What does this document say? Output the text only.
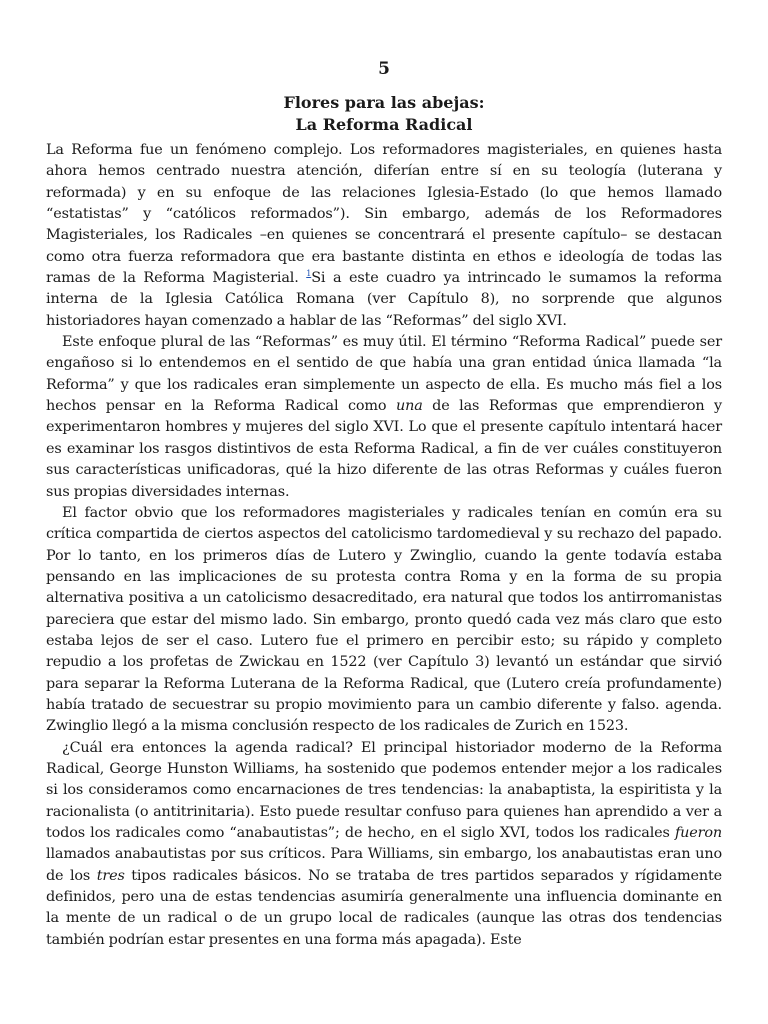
5
Flores para las abejas:
La Reforma Radical

La Reforma fue un fenómeno complejo. Los reformadores magisteriales, en quienes hasta ahora hemos centrado nuestra atención, diferían entre sí en su teología (luterana y reformada) y en su enfoque de las relaciones Iglesia-Estado (lo que hemos llamado “estatistas” y “católicos reformados”). Sin embargo, además de los Reformadores Magisteriales, los Radicales –en quienes se concentrará el presente capítulo– se destacan como otra fuerza reformadora que era bastante distinta en ethos e ideología de todas las ramas de la Reforma Magisterial. $^1$Si a este cuadro ya intrincado le sumamos la reforma interna de la Iglesia Católica Romana (ver Capítulo 8), no sorprende que algunos historiadores hayan comenzado a hablar de las “Reformas” del siglo XVI.

Este enfoque plural de las “Reformas” es muy útil. El término “Reforma Radical” puede ser engañoso si lo entendemos en el sentido de que había una gran entidad única llamada “la Reforma” y que los radicales eran simplemente un aspecto de ella. Es mucho más fiel a los hechos pensar en la Reforma Radical como una de las Reformas que emprendieron y experimentaron hombres y mujeres del siglo XVI. Lo que el presente capítulo intentará hacer es examinar los rasgos distintivos de esta Reforma Radical, a fin de ver cuáles constituyeron sus características unificadoras, qué la hizo diferente de las otras Reformas y cuáles fueron sus propias diversidades internas.

El factor obvio que los reformadores magisteriales y radicales tenían en común era su crítica compartida de ciertos aspectos del catolicismo tardomedieval y su rechazo del papado. Por lo tanto, en los primeros días de Lutero y Zwinglio, cuando la gente todavía estaba pensando en las implicaciones de su protesta contra Roma y en la forma de su propia alternativa positiva a un catolicismo desacreditado, era natural que todos los antirromanistas pareciera que estar del mismo lado. Sin embargo, pronto quedó cada vez más claro que esto estaba lejos de ser el caso. Lutero fue el primero en percibir esto; su rápido y completo repudio a los profetas de Zwickau en 1522 (ver Capítulo 3) levantó un estándar que sirvió para separar la Reforma Luterana de la Reforma Radical, que (Lutero creía profundamente) había tratado de secuestrar su propio movimiento para un cambio diferente y falso. agenda. Zwinglio llegó a la misma conclusión respecto de los radicales de Zurich en 1523.

¿Cuál era entonces la agenda radical? El principal historiador moderno de la Reforma Radical, George Hunston Williams, ha sostenido que podemos entender mejor a los radicales si los consideramos como encarnaciones de tres tendencias: la anabaptista, la espiritista y la racionalista (o antitrinitaria). Esto puede resultar confuso para quienes han aprendido a ver a todos los radicales como “anabautistas”; de hecho, en el siglo XVI, todos los radicales fueron llamados anabautistas por sus críticos. Para Williams, sin embargo, los anabautistas eran uno de los tres tipos radicales básicos. No se trataba de tres partidos separados y rígidamente definidos, pero una de estas tendencias asumiría generalmente una influencia dominante en la mente de un radical o de un grupo local de radicales (aunque las otras dos tendencias también podrían estar presentes en una forma más apagada). Este
